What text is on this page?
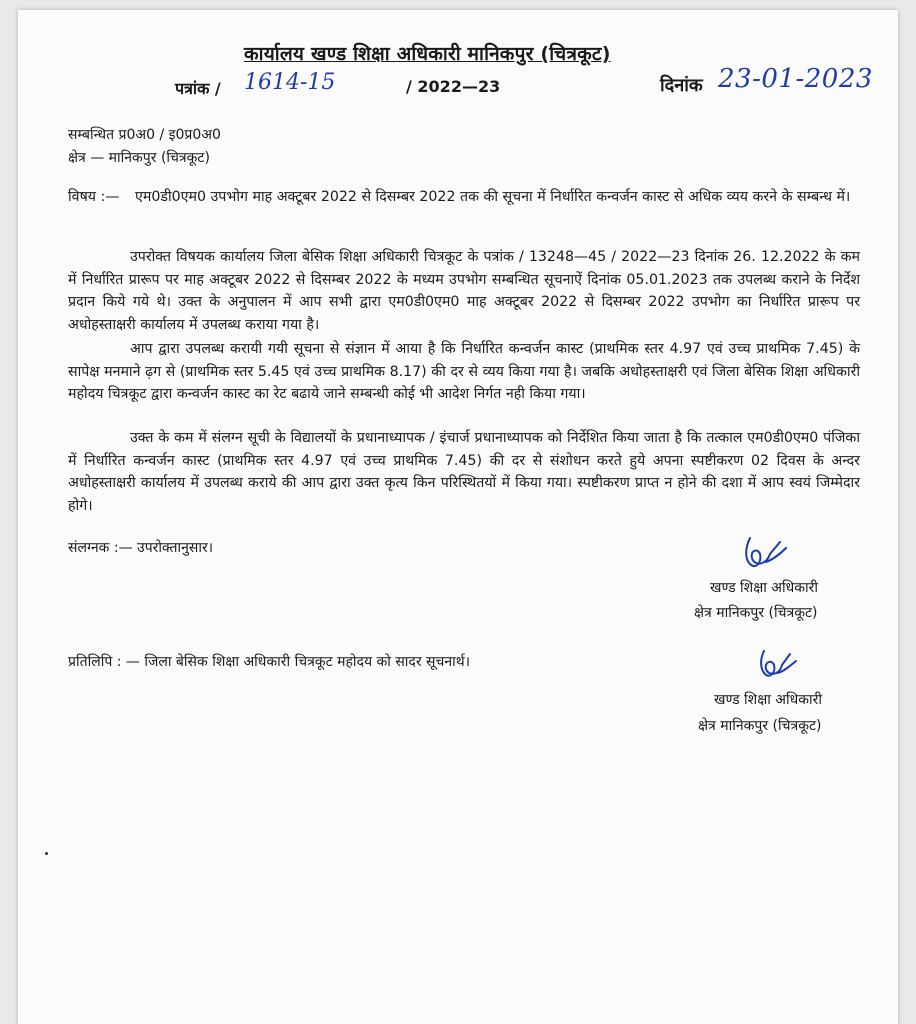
कार्यालय खण्ड शिक्षा अधिकारी मानिकपुर (चित्रकूट)
पत्रांक / 1614-15	/ 2022—23	दिनांक 23-01-2023
सम्बन्धित प्र0अ0 / इ0प्र0अ0
क्षेत्र — मानिकपुर (चित्रकूट)
विषय :— एम0डी0एम0 उपभोग माह अक्टूबर 2022 से दिसम्बर 2022 तक की सूचना में निर्धारित कन्वर्जन कास्ट से अधिक व्यय करने के सम्बन्ध में।
उपरोक्त विषयक कार्यालय जिला बेसिक शिक्षा अधिकारी चित्रकूट के पत्रांक / 13248—45 / 2022—23 दिनांक 26. 12.2022 के कम में निर्धारित प्रारूप पर माह अक्टूबर 2022 से दिसम्बर 2022 के मध्यम उपभोग सम्बन्धित सूचनाऐं दिनांक 05.01.2023 तक उपलब्ध कराने के निर्देश प्रदान किये गये थे। उक्त के अनुपालन में आप सभी द्वारा एम0डी0एम0 माह अक्टूबर 2022 से दिसम्बर 2022 उपभोग का निर्धारित प्रारूप पर अधोहस्ताक्षरी कार्यालय में उपलब्ध कराया गया है।
आप द्वारा उपलब्ध करायी गयी सूचना से संज्ञान में आया है कि निर्धारित कन्वर्जन कास्ट (प्राथमिक स्तर 4.97 एवं उच्च प्राथमिक 7.45) के सापेक्ष मनमाने ढ़ग से (प्राथमिक स्तर 5.45 एवं उच्च प्राथमिक 8.17) की दर से व्यय किया गया है। जबकि अधोहस्ताक्षरी एवं जिला बेसिक शिक्षा अधिकारी महोदय चित्रकूट द्वारा कन्वर्जन कास्ट का रेट बढाये जाने सम्बन्धी कोई भी आदेश निर्गत नही किया गया।
उक्त के कम में संलग्न सूची के विद्यालयों के प्रधानाध्यापक / इंचार्ज प्रधानाध्यापक को निर्देशित किया जाता है कि तत्काल एम0डी0एम0 पंजिका में निर्धारित कन्वर्जन कास्ट (प्राथमिक स्तर 4.97 एवं उच्च प्राथमिक 7.45) की दर से संशोधन करते हुये अपना स्पष्टीकरण 02 दिवस के अन्दर अधोहस्ताक्षरी कार्यालय में उपलब्ध कराये की आप द्वारा उक्त कृत्य किन परिस्थितयों में किया गया। स्पष्टीकरण प्राप्त न होने की दशा में आप स्वयं जिम्मेदार होगे।
संलग्नक :— उपरोक्तानुसार।
खण्ड शिक्षा अधिकारी
क्षेत्र मानिकपुर (चित्रकूट)
प्रतिलिपि : — जिला बेसिक शिक्षा अधिकारी चित्रकूट महोदय को सादर सूचनार्थ।
खण्ड शिक्षा अधिकारी
क्षेत्र मानिकपुर (चित्रकूट)
